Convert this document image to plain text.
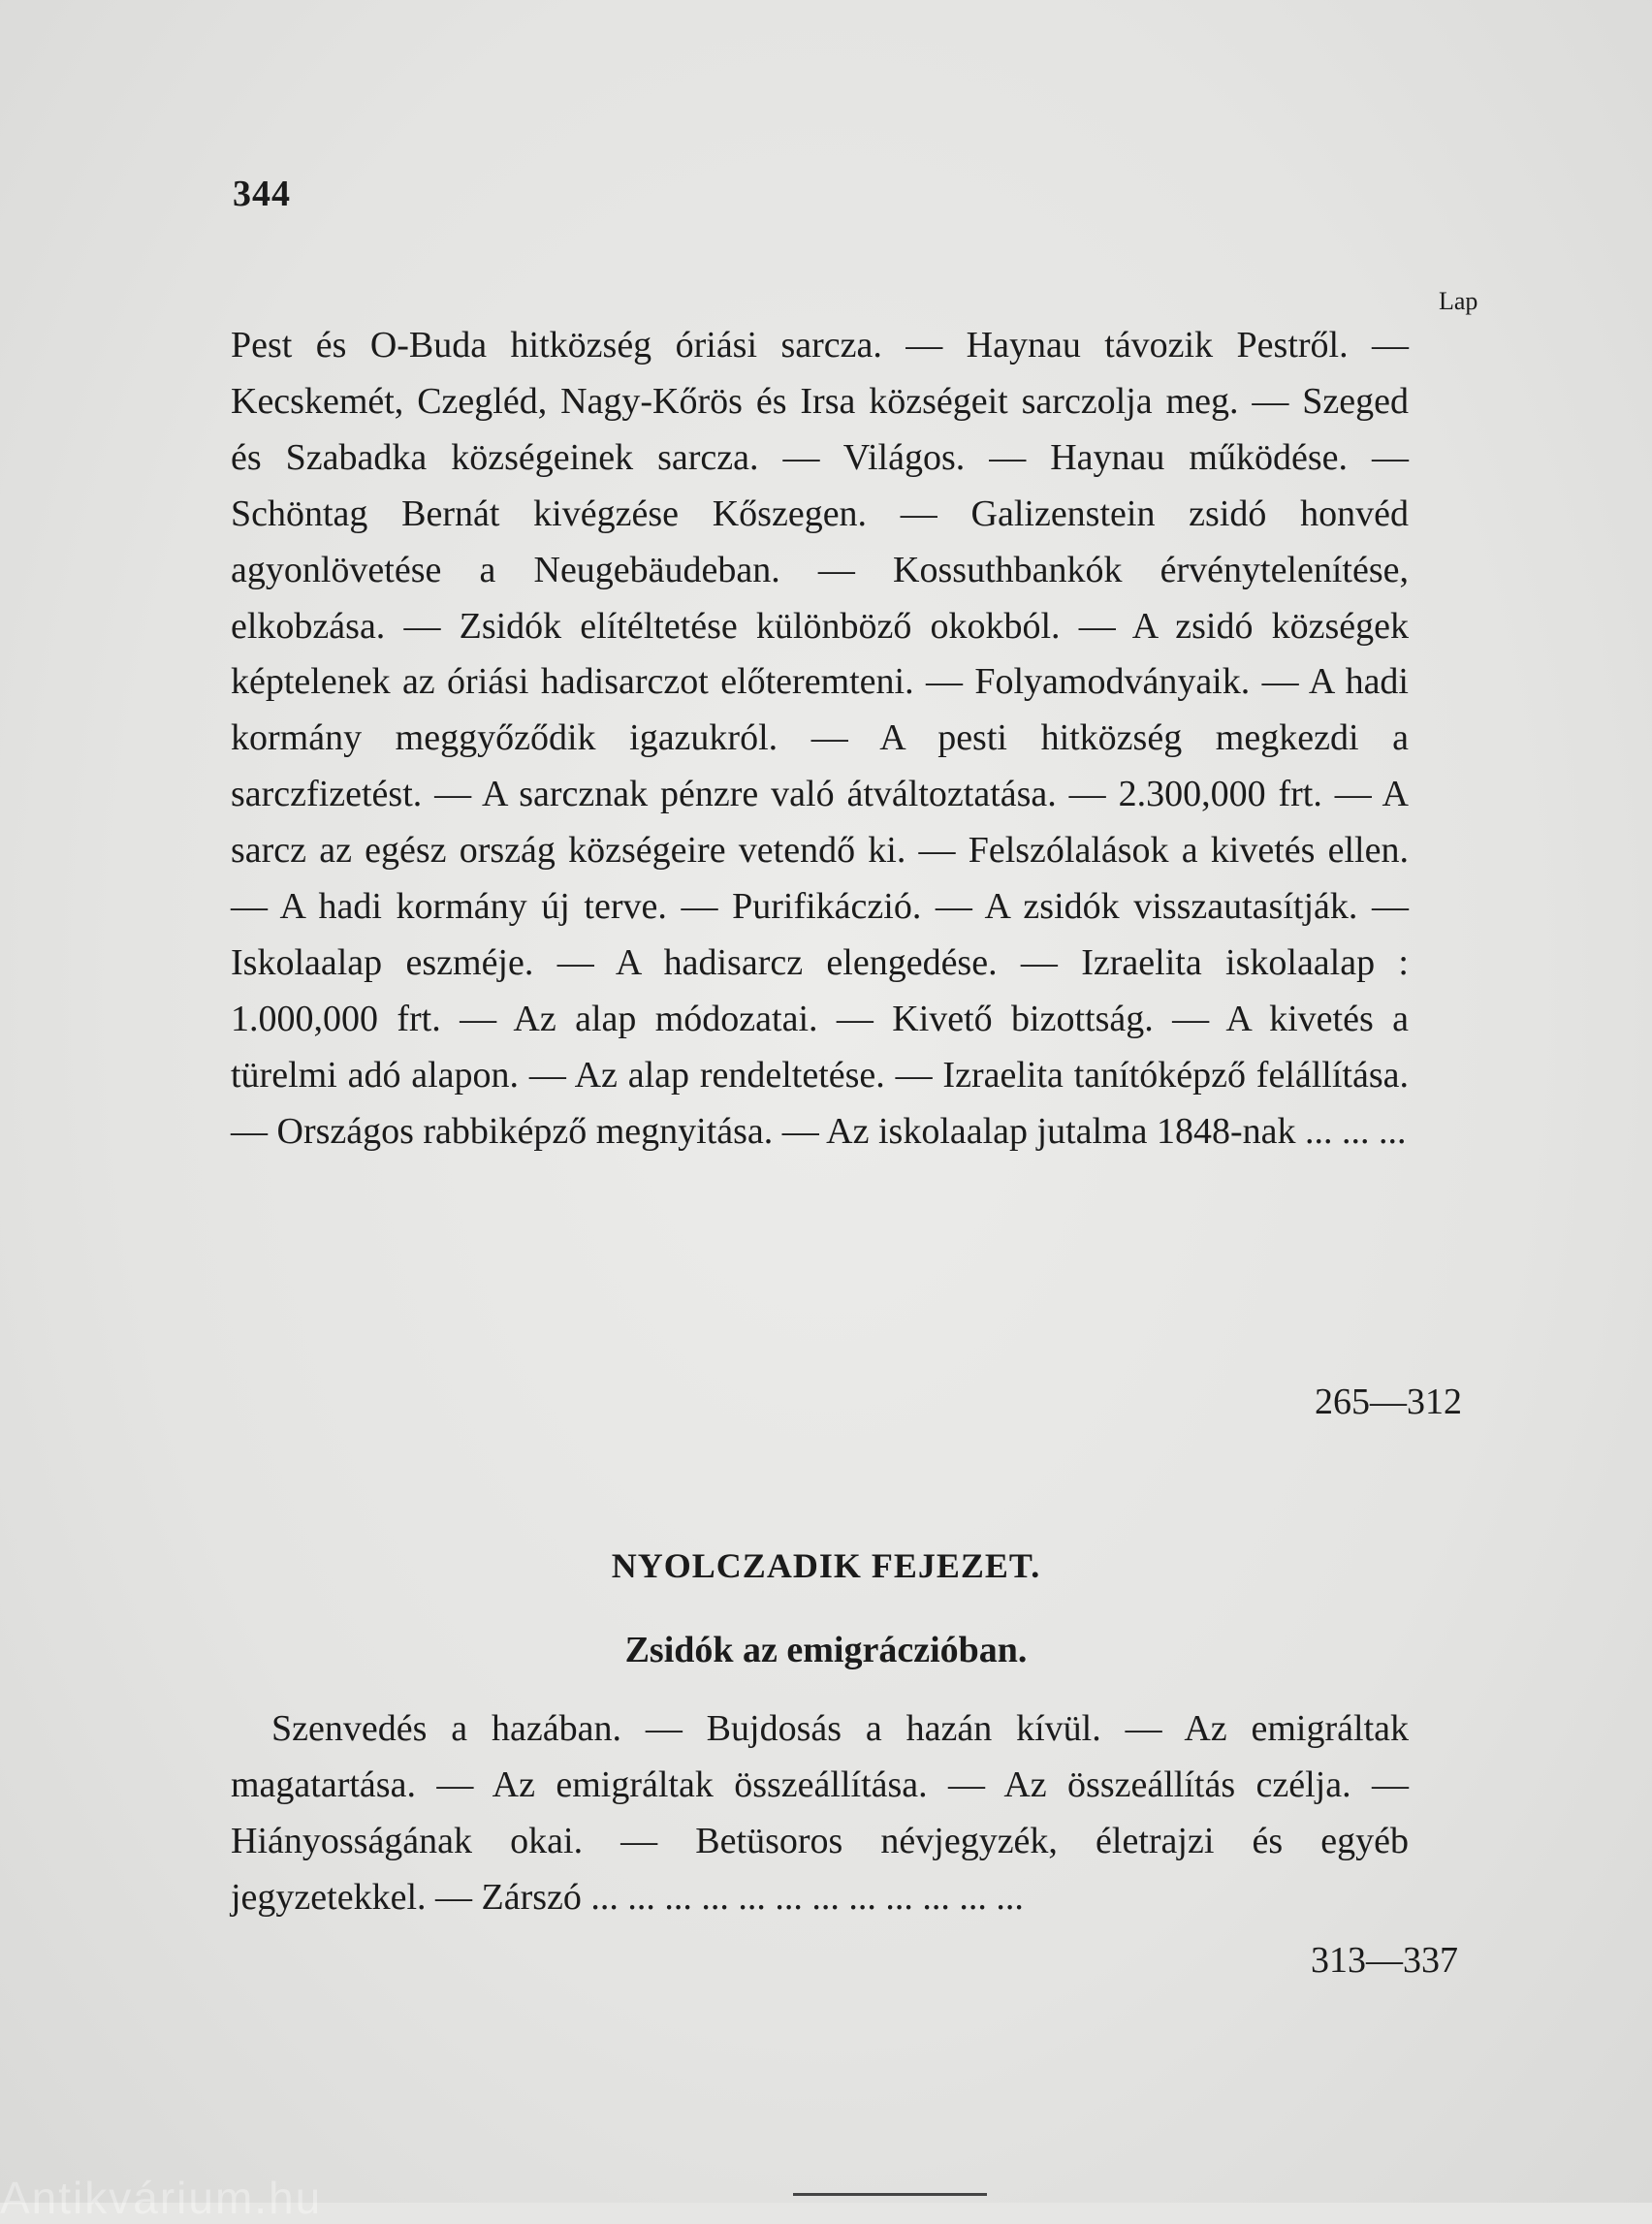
344
Lap
Pest és O-Buda hitközség óriási sarcza. — Haynau távozik Pestről. — Kecskemét, Czegléd, Nagy-Kőrös és Irsa községeit sarczolja meg. — Szeged és Szabadka községeinek sarcza. — Világos. — Haynau működése. — Schöntag Bernát kivégzése Kőszegen. — Galizenstein zsidó honvéd agyonlövetése a Neugebäudeban. — Kossuthbankók érvénytelenítése, elkobzása. — Zsidók elítéltetése különböző okokból. — A zsidó községek képtelenek az óriási hadisarczot előteremteni. — Folyamodványaik. — A hadi kormány meggyőződik igazukról. — A pesti hitközség megkezdi a sarczfizetést. — A sarcznak pénzre való átváltoztatása. — 2.300,000 frt. — A sarcz az egész ország községeire vetendő ki. — Felszólalások a kivetés ellen. — A hadi kormány új terve. — Purifikáczió. — A zsidók visszautasítják. — Iskolaalap eszméje. — A hadisarcz elengedése. — Izraelita iskolaalap : 1.000,000 frt. — Az alap módozatai. — Kivető bizottság. — A kivetés a türelmi adó alapon. — Az alap rendeltetése. — Izraelita tanítóképző felállítása. — Országos rabbiképző megnyitása. — Az iskolaalap jutalma 1848-nak ... ... ...
265—312
NYOLCZADIK FEJEZET.
Zsidók az emigráczióban.
Szenvedés a hazában. — Bujdosás a hazán kívül. — Az emigráltak magatartása. — Az emigráltak összeállítása. — Az összeállítás czélja. — Hiányosságának okai. — Betüsoros névjegyzék, életrajzi és egyéb jegyzetekkel. — Zárszó ... ... ... ... ... ... ... ... ... ... ... ...
313—337
Antikvárium.hu
